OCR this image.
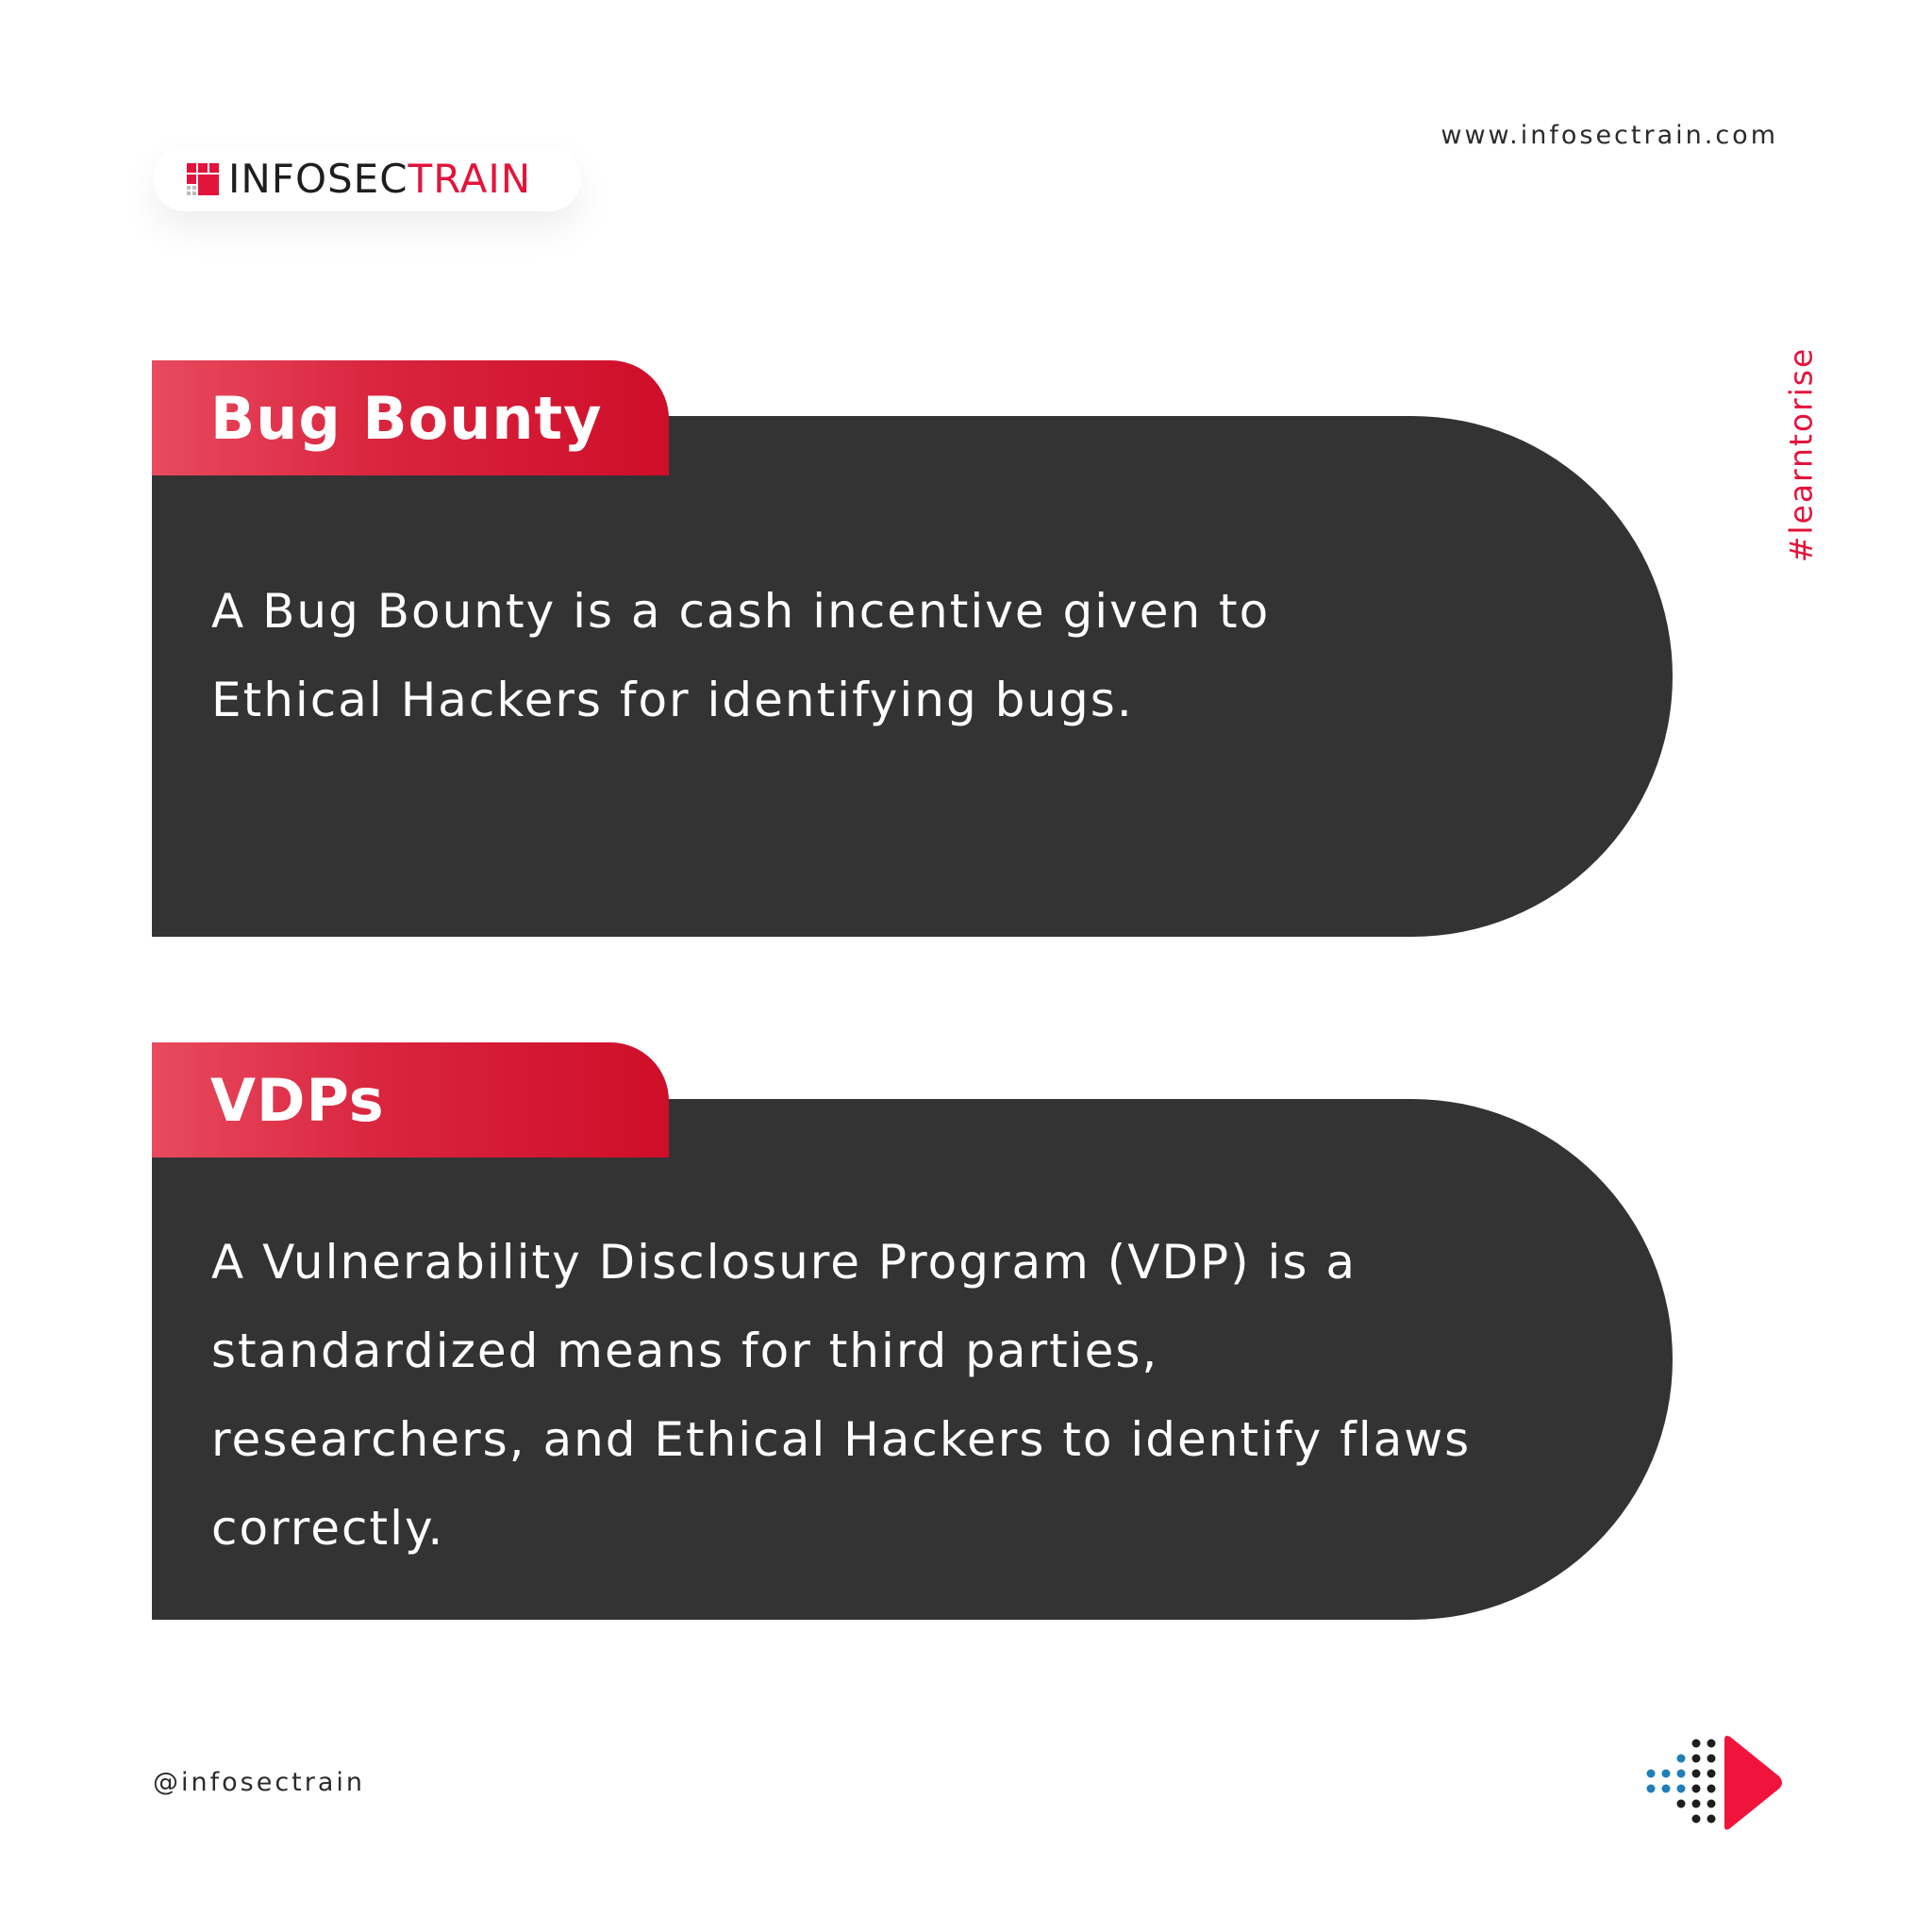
INFOSECTRAIN
www.infosectrain.com
#learntorise
Bug Bounty
A Bug Bounty is a cash incentive given to
Ethical Hackers for identifying bugs.
VDPs
A Vulnerability Disclosure Program (VDP) is a
standardized means for third parties,
researchers, and Ethical Hackers to identify flaws
correctly.
@infosectrain
